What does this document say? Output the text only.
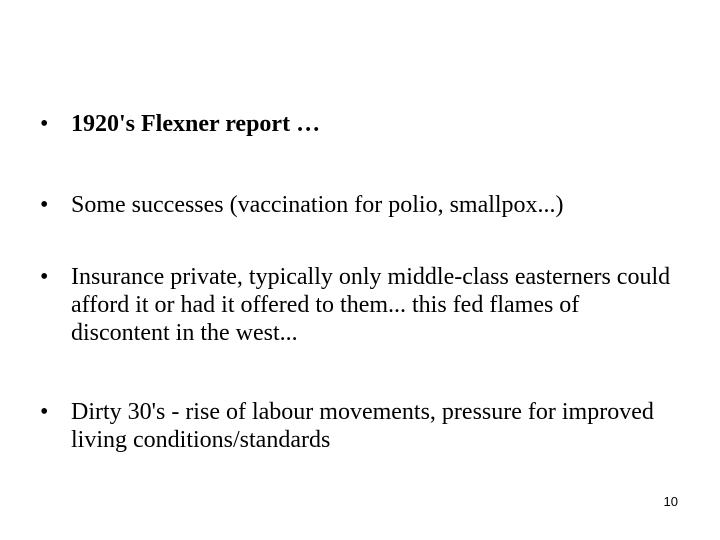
• 1920's Flexner report …
• Some successes (vaccination for polio, smallpox...)
• Insurance private, typically only middle-class easterners could afford it or had it offered to them... this fed flames of discontent in the west...
• Dirty 30's - rise of labour movements, pressure for improved living conditions/standards
10
